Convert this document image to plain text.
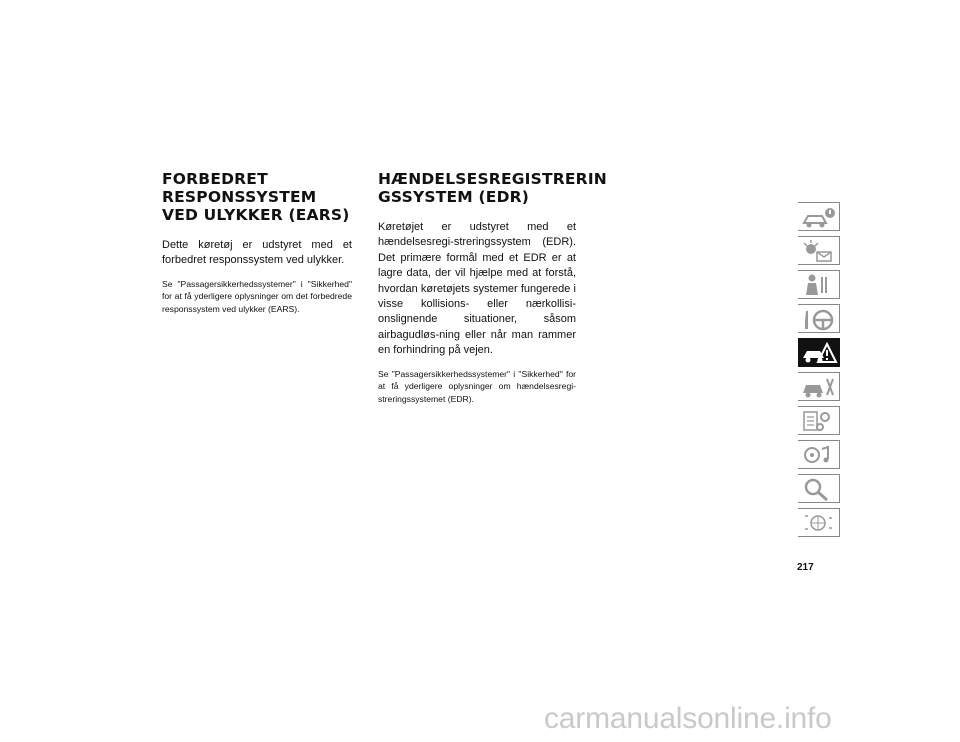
FORBEDRET RESPONSSYSTEM VED ULYKKER (EARS)

Dette køretøj er udstyret med et forbedret responssystem ved ulykker.

Se "Passagersikkerhedssystemer" i "Sikkerhed" for at få yderligere oplysninger om det forbedrede responssystem ved ulykker (EARS).

HÆNDELSESREGISTRERIN GSSYSTEM (EDR)

Køretøjet er udstyret med et hændelsesregi-streringssystem (EDR). Det primære formål med et EDR er at lagre data, der vil hjælpe med at forstå, hvordan køretøjets systemer fungerede i visse kollisions- eller nærkollisi-onslignende situationer, såsom airbagudløs-ning eller når man rammer en forhindring på vejen.

Se "Passagersikkerhedssystemer" i "Sikkerhed" for at få yderligere oplysninger om hændelsesregi-streringssystemet (EDR).

217
carmanualsonline.info
